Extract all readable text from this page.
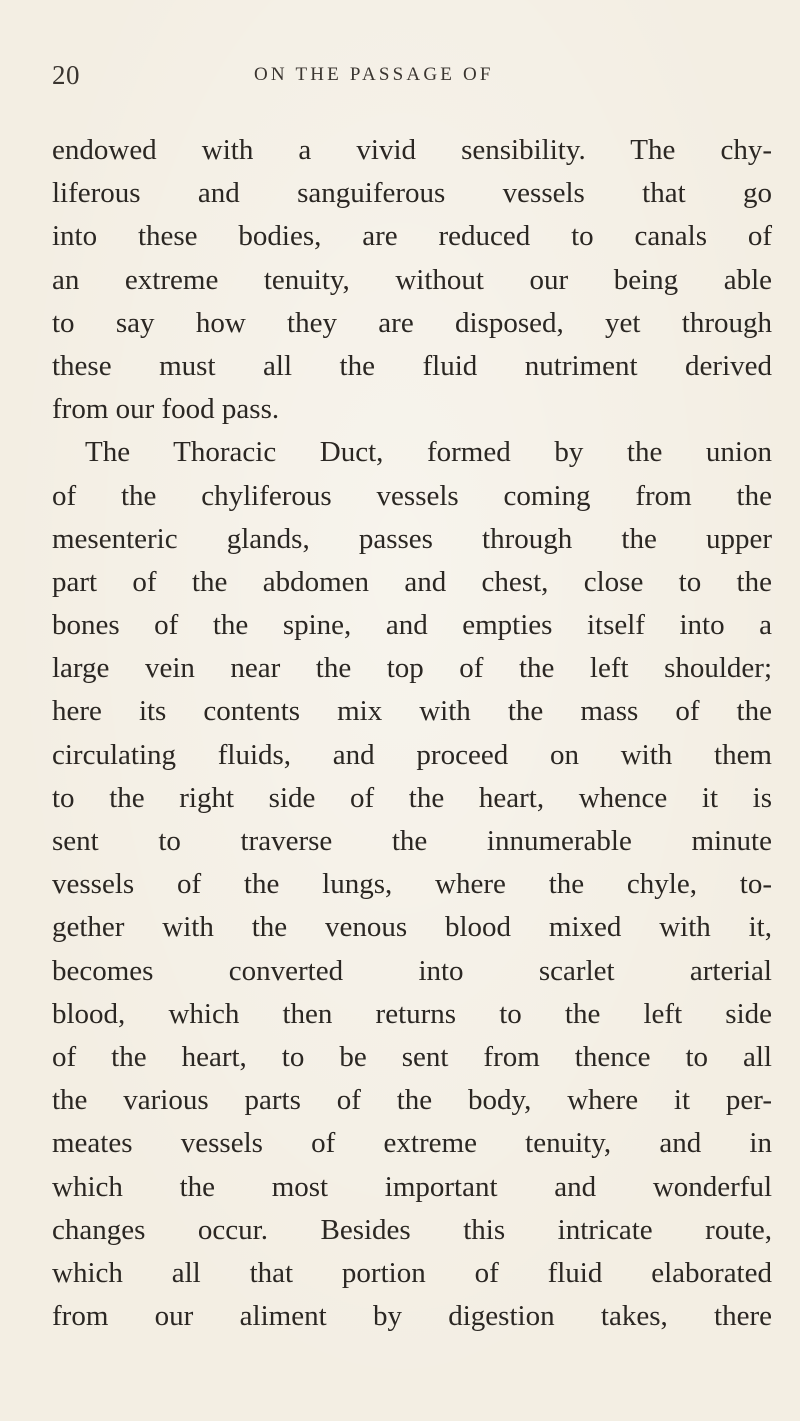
20	ON THE PASSAGE OF
endowed with a vivid sensibility. The chy-
liferous and sanguiferous vessels that go
into these bodies, are reduced to canals of
an extreme tenuity, without our being able
to say how they are disposed, yet through
these must all the fluid nutriment derived
from our food pass.
The Thoracic Duct, formed by the union
of the chyliferous vessels coming from the
mesenteric glands, passes through the upper
part of the abdomen and chest, close to the
bones of the spine, and empties itself into a
large vein near the top of the left shoulder;
here its contents mix with the mass of the
circulating fluids, and proceed on with them
to the right side of the heart, whence it is
sent to traverse the innumerable minute
vessels of the lungs, where the chyle, to-
gether with the venous blood mixed with it,
becomes converted into scarlet arterial
blood, which then returns to the left side
of the heart, to be sent from thence to all
the various parts of the body, where it per-
meates vessels of extreme tenuity, and in
which the most important and wonderful
changes occur. Besides this intricate route,
which all that portion of fluid elaborated
from our aliment by digestion takes, there
